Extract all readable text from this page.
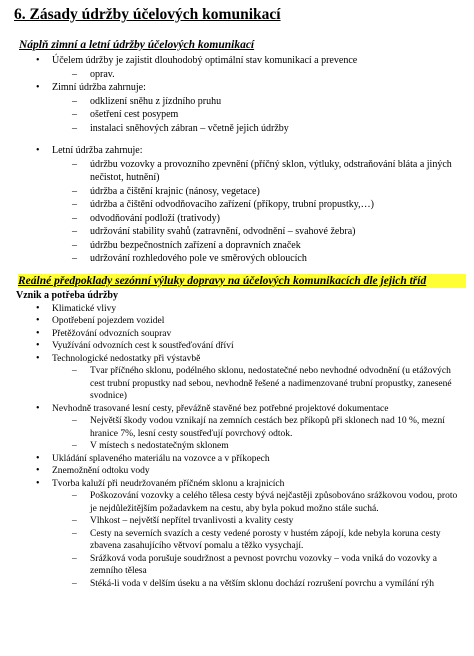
6. Zásady údržby účelových komunikací
Náplň zimní a letní údržby účelových komunikací
• Účelem údržby je zajistit dlouhodobý optimální stav komunikací a prevence
– oprav.
• Zimní údržba zahrnuje:
– odklizení sněhu z jízdního pruhu
– ošetření cest posypem
– instalaci sněhových zábran – včetně jejich údržby
• Letní údržba zahrnuje:
– údržbu vozovky a provozního zpevnění (příčný sklon, výtluky, odstraňování bláta a jiných nečistot, hutnění)
– údržba a čištění krajnic (nánosy, vegetace)
– údržba a čištění odvodňovacího zařízení (příkopy, trubní propustky,…)
– odvodňování podloží (trativody)
– udržování stability svahů (zatravnění, odvodnění – svahové žebra)
– údržbu bezpečnostních zařízení a dopravních značek
– udržování rozhledového pole ve směrových obloucích
Reálné předpoklady sezónní výluky dopravy na účelových komunikacích dle jejich tříd
Vznik a potřeba údržby
• Klimatické vlivy
• Opotřebení pojezdem vozidel
• Přetěžování odvozních souprav
• Využívání odvozních cest k soustřeďování dříví
• Technologické nedostatky při výstavbě
– Tvar příčného sklonu, podélného sklonu, nedostatečné nebo nevhodné odvodnění (u etážových cest trubní propustky nad sebou, nevhodně řešené a nadimenzované trubní propustky, zanesené svodnice)
• Nevhodně trasované lesní cesty, převážně stavěné bez potřebné projektové dokumentace
– Největší škody vodou vznikají na zemních cestách bez příkopů při sklonech nad 10 %, mezní hranice 7%, lesní cesty soustřeďují povrchový odtok.
– V místech s nedostatečným sklonem
• Ukládání splaveného materiálu na vozovce a v příkopech
• Znemožnění odtoku vody
• Tvorba kaluží při neudržovaném příčném sklonu a krajnicích
– Poškozování vozovky a celého tělesa cesty bývá nejčastěji způsobováno srážkovou vodou, proto je nejdůležitějším požadavkem na cestu, aby byla pokud možno stále suchá.
– Vlhkost – největší nepřítel trvanlivosti a kvality cesty
– Cesty na severních svazích a cesty vedené porosty v hustém zápojí, kde nebyla koruna cesty zbavena zasahujícího větvoví pomalu a těžko vysychají.
– Srážková voda porušuje soudržnost a pevnost povrchu vozovky – voda vniká do vozovky a zemního tělesa
– Stéká-li voda v delším úseku a na větším sklonu dochází rozrušení povrchu a vymílání rýh
